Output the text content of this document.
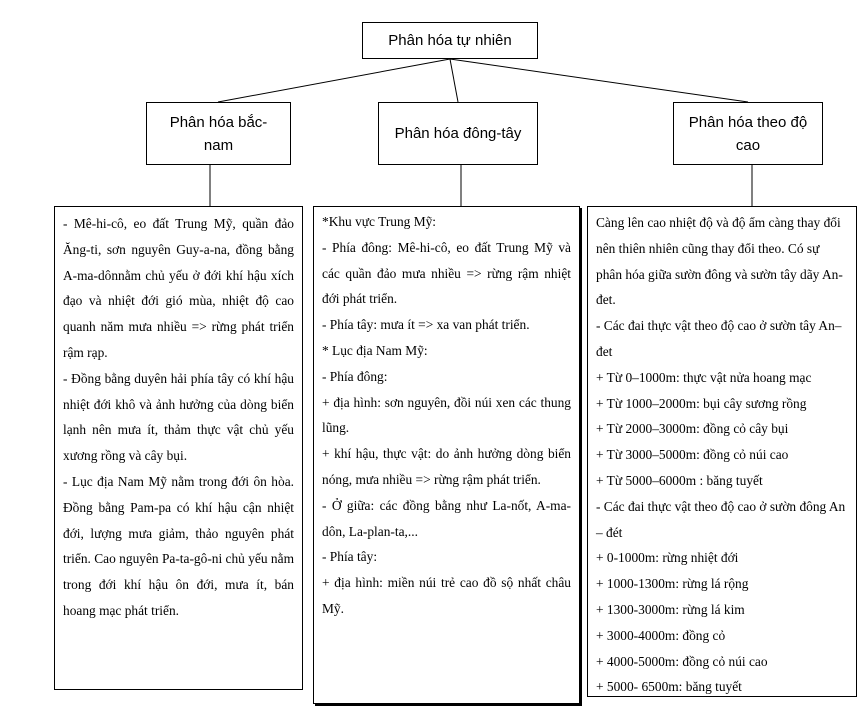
Phân hóa tự nhiên
Phân hóa bắc-nam
Phân hóa đông-tây
Phân hóa theo độ cao

- Mê-hi-cô, eo đất Trung Mỹ, quần đảo Ăng-ti, sơn nguyên Guy-a-na, đồng bằng A-ma-dônnằm chủ yếu ở đới khí hậu xích đạo và nhiệt đới gió mùa, nhiệt độ cao quanh năm mưa nhiều => rừng phát triển rậm rạp.

- Đồng bằng duyên hải phía tây có khí hậu nhiệt đới khô và ảnh hưởng của dòng biển lạnh nên mưa ít, thảm thực vật chủ yếu xương rồng và cây bụi.

- Lục địa Nam Mỹ nằm trong đới ôn hòa. Đồng bằng Pam-pa có khí hậu cận nhiệt đới, lượng mưa giảm, thảo nguyên phát triển. Cao nguyên Pa-ta-gô-ni chủ yếu nằm trong đới khí hậu ôn đới, mưa ít, bán hoang mạc phát triển.

*Khu vực Trung Mỹ:

- Phía đông: Mê-hi-cô, eo đất Trung Mỹ và các quần đảo mưa nhiều => rừng rậm nhiệt đới phát triển.

- Phía tây: mưa ít => xa van phát triển.

* Lục địa Nam Mỹ:

- Phía đông:

+ địa hình: sơn nguyên, đồi núi xen các thung lũng.

+ khí hậu, thực vật: do ảnh hưởng dòng biển nóng, mưa nhiều => rừng rậm phát triển.

- Ở giữa: các đồng bằng như La-nốt, A-ma-dôn, La-plan-ta,...

- Phía tây:

+ địa hình: miền núi trẻ cao đồ sộ nhất châu Mỹ.

Càng lên cao nhiệt độ và độ ẩm càng thay đổi nên thiên nhiên cũng thay đổi theo. Có sự phân hóa giữa sườn đông và sườn tây dãy An-đet.

- Các đai thực vật theo độ cao ở sườn tây An–đet

+ Từ 0–1000m: thực vật nửa hoang mạc

+ Từ 1000–2000m: bụi cây sương rồng

+ Từ 2000–3000m: đồng cỏ cây bụi

+ Từ 3000–5000m: đồng cỏ núi cao

+ Từ 5000–6000m : băng tuyết

- Các đai thực vật theo độ cao ở sườn đông An – đét

+ 0-1000m: rừng nhiệt đới

+ 1000-1300m: rừng lá rộng

+ 1300-3000m: rừng lá kim

+ 3000-4000m: đồng cỏ

+ 4000-5000m: đồng cỏ núi cao

+ 5000- 6500m: băng tuyết
